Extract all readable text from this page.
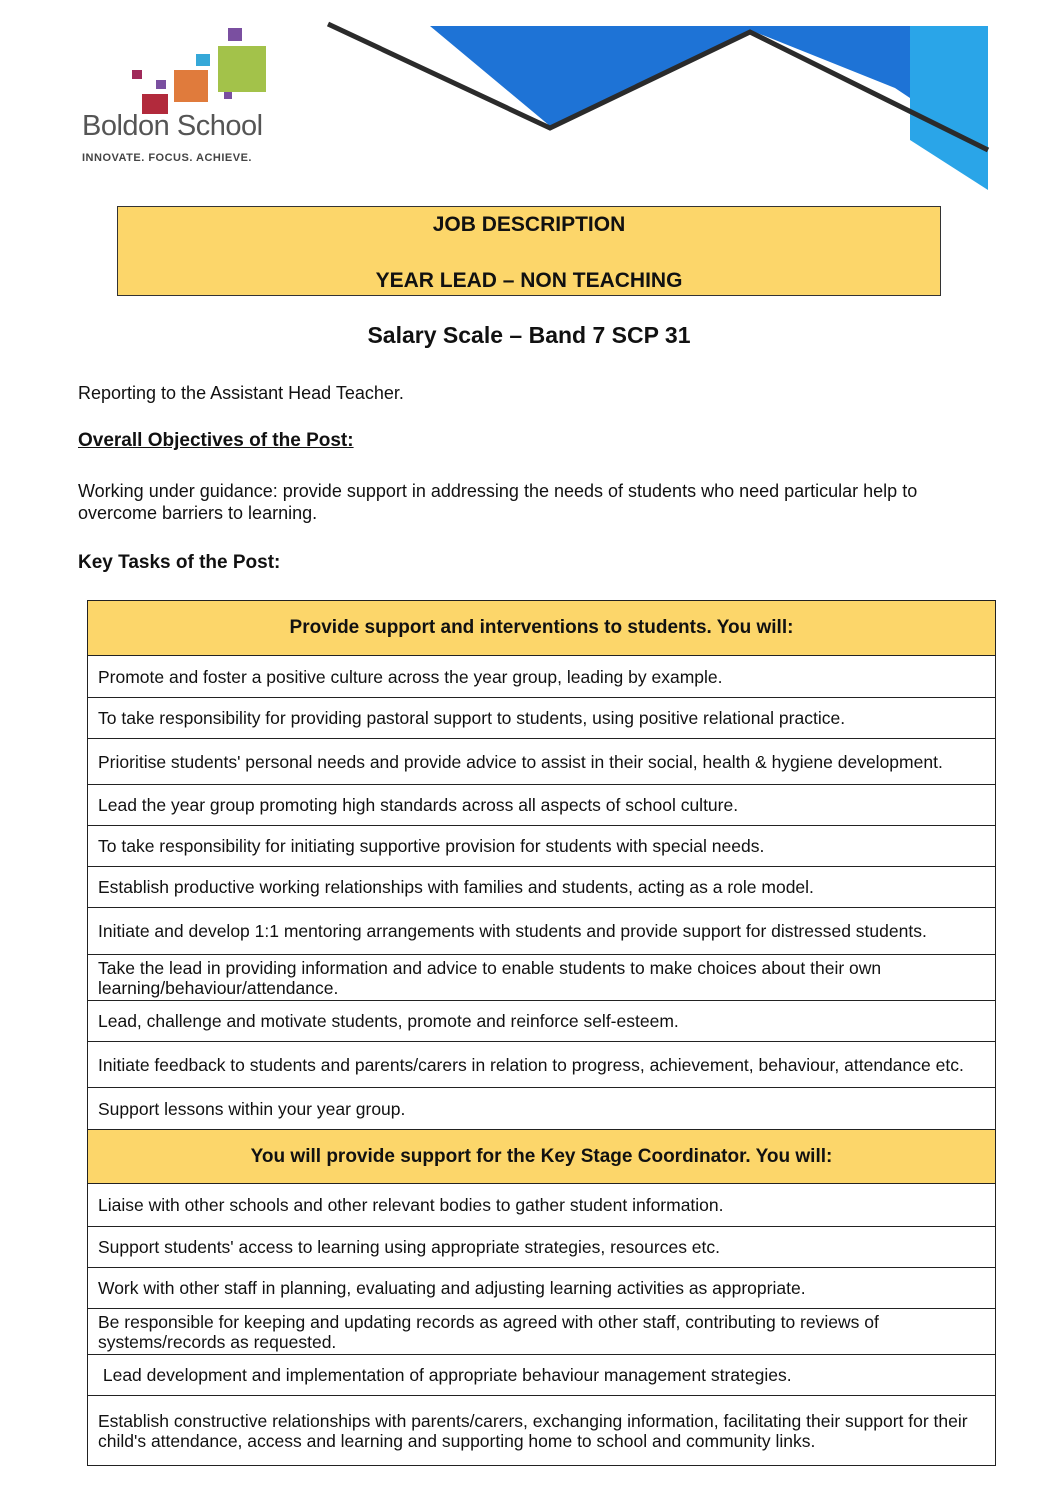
Boldon School
INNOVATE. FOCUS. ACHIEVE.
JOB DESCRIPTION
YEAR LEAD – NON TEACHING
Salary Scale – Band 7 SCP 31
Reporting to the Assistant Head Teacher.
Overall Objectives of the Post:
Working under guidance: provide support in addressing the needs of students who need particular help to overcome barriers to learning.
Key Tasks of the Post:
Provide support and interventions to students. You will:
Promote and foster a positive culture across the year group, leading by example.
To take responsibility for providing pastoral support to students, using positive relational practice.
Prioritise students' personal needs and provide advice to assist in their social, health & hygiene development.
Lead the year group promoting high standards across all aspects of school culture.
To take responsibility for initiating supportive provision for students with special needs.
Establish productive working relationships with families and students, acting as a role model.
Initiate and develop 1:1 mentoring arrangements with students and provide support for distressed students.
Take the lead in providing information and advice to enable students to make choices about their own learning/behaviour/attendance.
Lead, challenge and motivate students, promote and reinforce self-esteem.
Initiate feedback to students and parents/carers in relation to progress, achievement, behaviour, attendance etc.
Support lessons within your year group.
You will provide support for the Key Stage Coordinator. You will:
Liaise with other schools and other relevant bodies to gather student information.
Support students' access to learning using appropriate strategies, resources etc.
Work with other staff in planning, evaluating and adjusting learning activities as appropriate.
Be responsible for keeping and updating records as agreed with other staff, contributing to reviews of systems/records as requested.
Lead development and implementation of appropriate behaviour management strategies.
Establish constructive relationships with parents/carers, exchanging information, facilitating their support for their child's attendance, access and learning and supporting home to school and community links.
